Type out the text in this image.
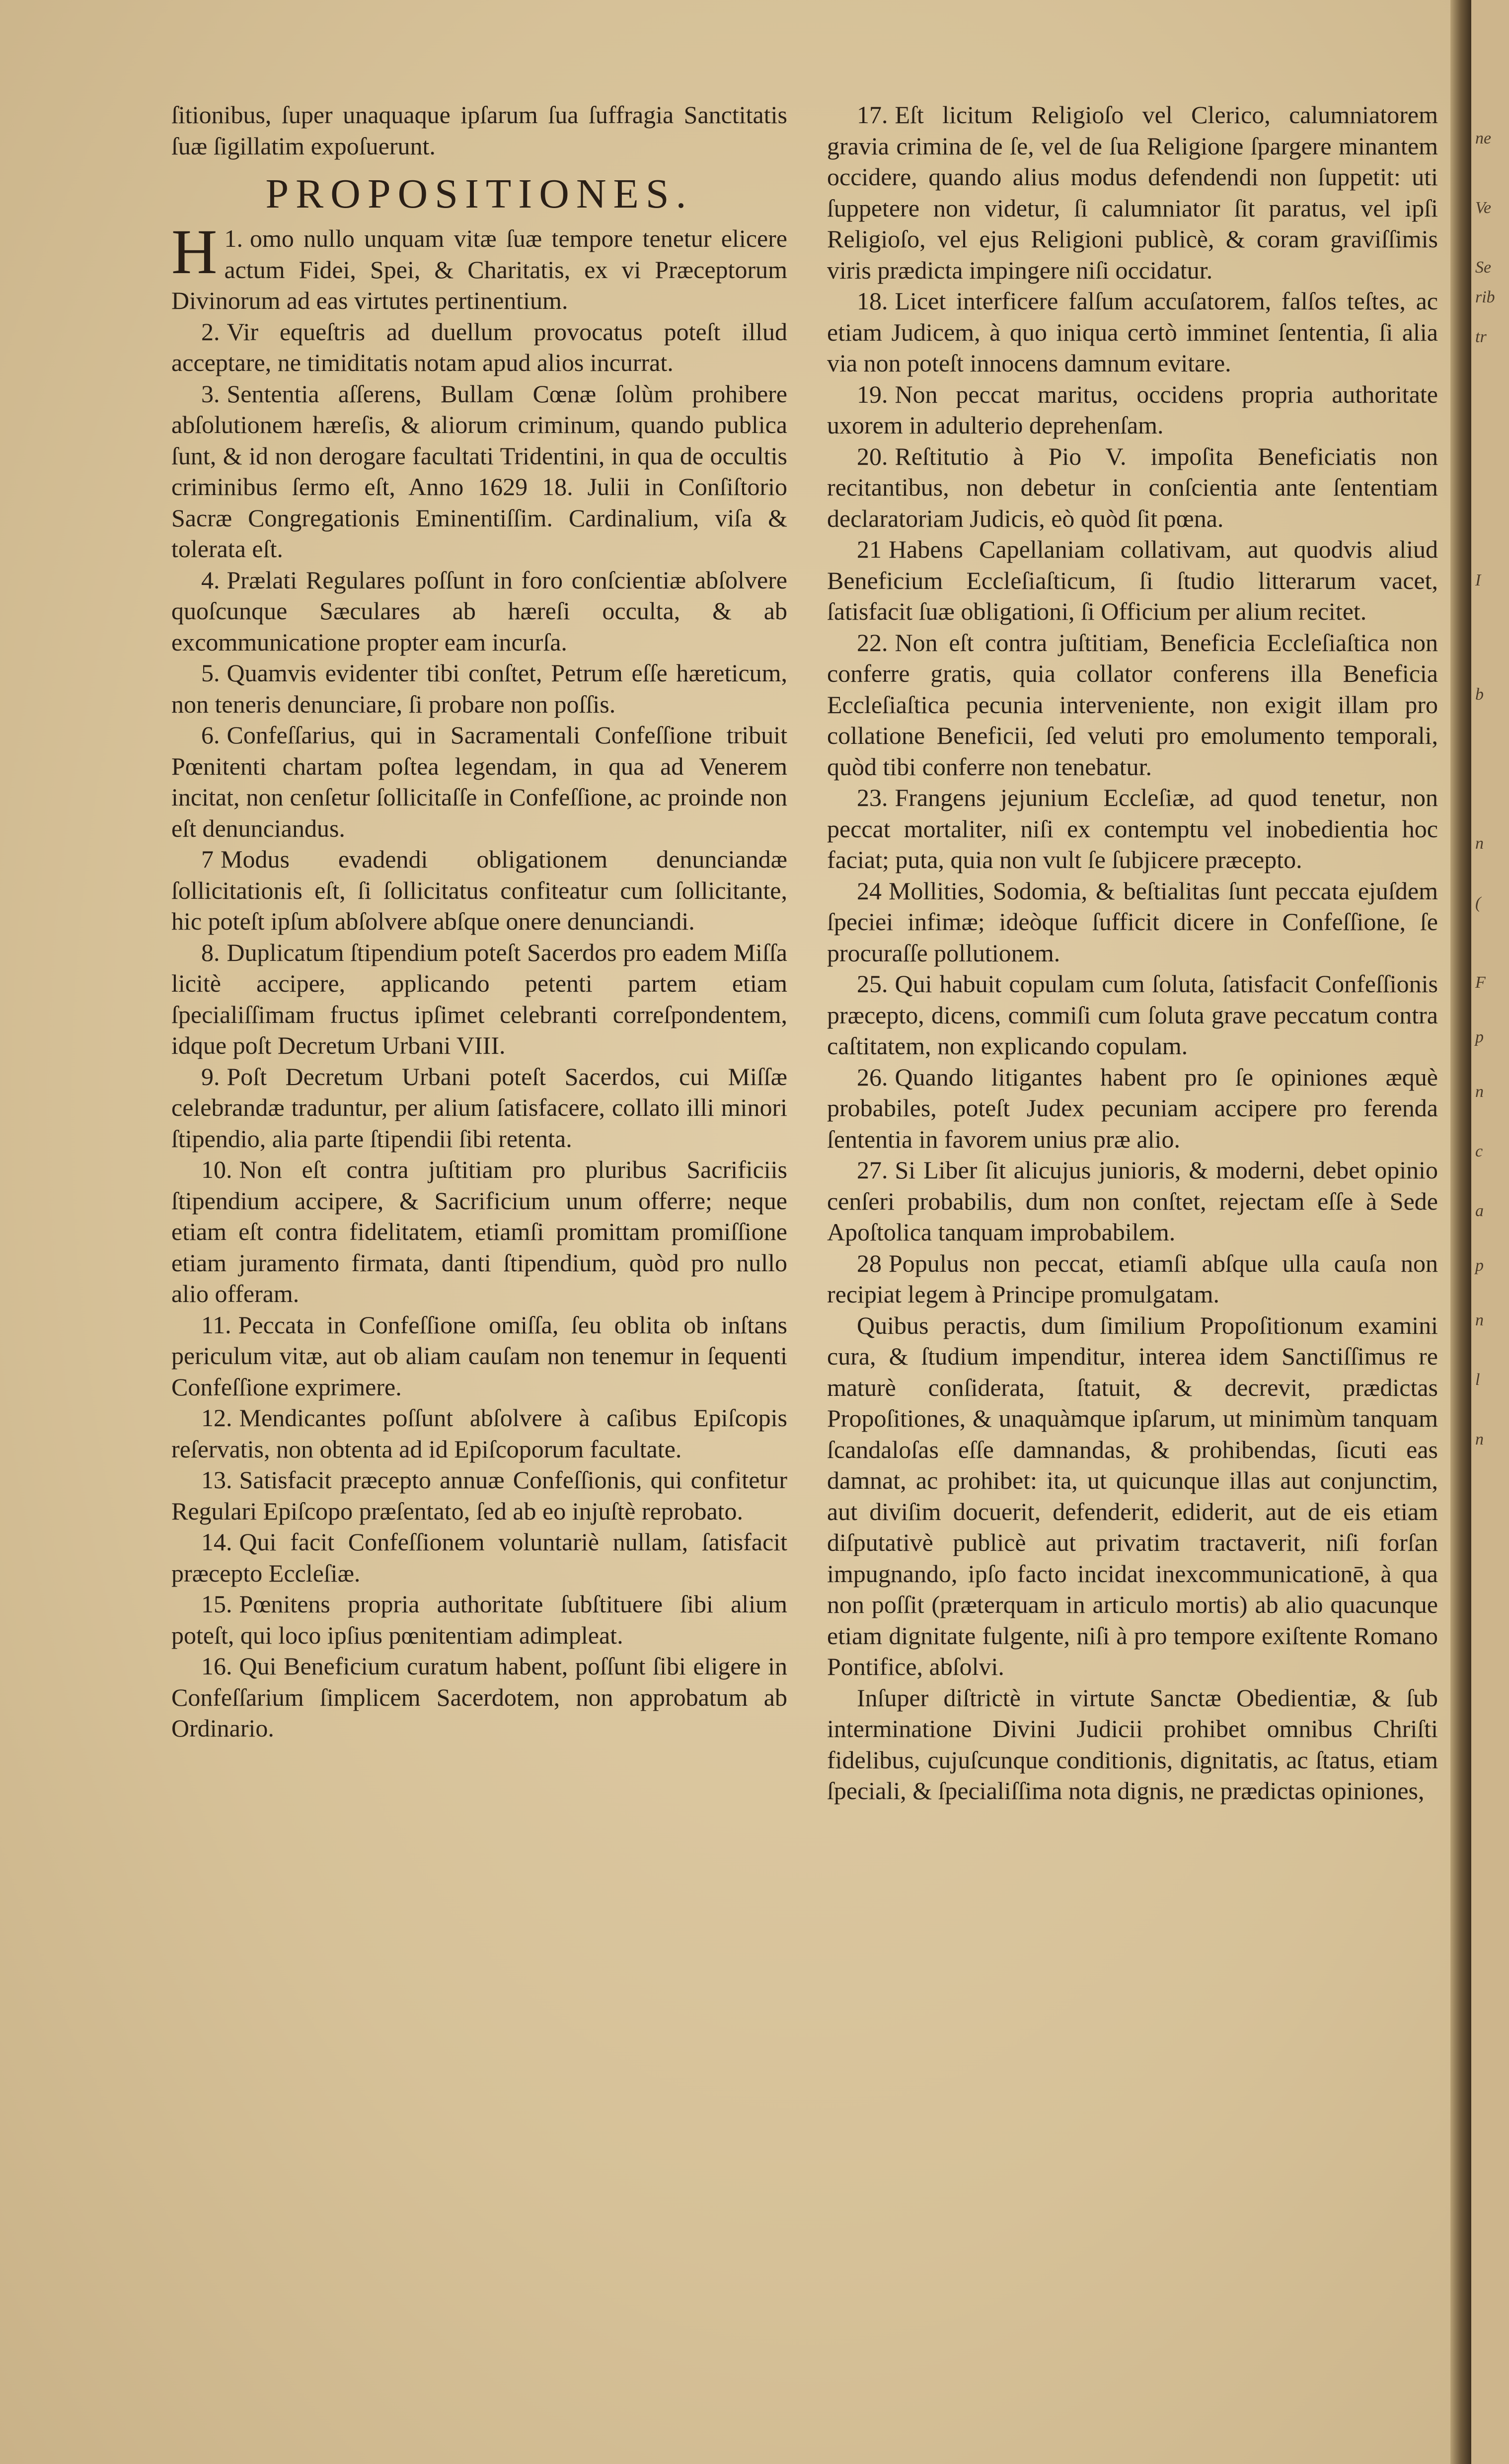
ſitionibus, ſuper unaquaque ipſarum ſua ſuffragia Sanctitatis ſuæ ſigillatim expoſuerunt.

PROPOSITIONES.

1.
H omo nullo unquam vitæ ſuæ tempore tenetur elicere actum Fidei, Spei, & Charitatis, ex vi Præceptorum Divinorum ad eas virtutes pertinentium.

2. Vir equeſtris ad duellum provocatus poteſt illud acceptare, ne timiditatis notam apud alios incurrat.

3. Sententia aſſerens, Bullam Cœnæ ſolùm prohibere abſolutionem hæreſis, & aliorum criminum, quando publica ſunt, & id non derogare facultati Tridentini, in qua de occultis criminibus ſermo eſt, Anno 1629 18. Julii in Conſiſtorio Sacræ Congregationis Eminentiſſim. Cardinalium, viſa & tolerata eſt.

4. Prælati Regulares poſſunt in foro conſcientiæ abſolvere quoſcunque Sæculares ab hæreſi occulta, & ab excommunicatione propter eam incurſa.

5. Quamvis evidenter tibi conſtet, Petrum eſſe hæreticum, non teneris denunciare, ſi probare non poſſis.

6. Confeſſarius, qui in Sacramentali Confeſſione tribuit Pœnitenti chartam poſtea legendam, in qua ad Venerem incitat, non cenſetur ſollicitaſſe in Confeſſione, ac proinde non eſt denunciandus.

7 Modus evadendi obligationem denunciandæ ſollicitationis eſt, ſi ſollicitatus confiteatur cum ſollicitante, hic poteſt ipſum abſolvere abſque onere denunciandi.

8. Duplicatum ſtipendium poteſt Sacerdos pro eadem Miſſa licitè accipere, applicando petenti partem etiam ſpecialiſſimam fructus ipſimet celebranti correſpondentem, idque poſt Decretum Urbani VIII.

9. Poſt Decretum Urbani poteſt Sacerdos, cui Miſſæ celebrandæ traduntur, per alium ſatisfacere, collato illi minori ſtipendio, alia parte ſtipendii ſibi retenta.

10. Non eſt contra juſtitiam pro pluribus Sacrificiis ſtipendium accipere, & Sacrificium unum offerre; neque etiam eſt contra fidelitatem, etiamſi promittam promiſſione etiam juramento firmata, danti ſtipendium, quòd pro nullo alio offeram.

11. Peccata in Confeſſione omiſſa, ſeu oblita ob inſtans periculum vitæ, aut ob aliam cauſam non tenemur in ſequenti Confeſſione exprimere.

12. Mendicantes poſſunt abſolvere à caſibus Epiſcopis reſervatis, non obtenta ad id Epiſcoporum facultate.

13. Satisfacit præcepto annuæ Confeſſionis, qui confitetur Regulari Epiſcopo præſentato, ſed ab eo injuſtè reprobato.

14. Qui facit Confeſſionem voluntariè nullam, ſatisfacit præcepto Eccleſiæ.

15. Pœnitens propria authoritate ſubſtituere ſibi alium poteſt, qui loco ipſius pœnitentiam adimpleat.

16. Qui Beneficium curatum habent, poſſunt ſibi eligere in Confeſſarium ſimplicem Sacerdotem, non approbatum ab Ordinario.

17. Eſt licitum Religioſo vel Clerico, calumniatorem gravia crimina de ſe, vel de ſua Religione ſpargere minantem occidere, quando alius modus defendendi non ſuppetit: uti ſuppetere non videtur, ſi calumniator ſit paratus, vel ipſi Religioſo, vel ejus Religioni publicè, & coram graviſſimis viris prædicta impingere niſi occidatur.

18. Licet interficere falſum accuſatorem, falſos teſtes, ac etiam Judicem, à quo iniqua certò imminet ſententia, ſi alia via non poteſt innocens damnum evitare.

19. Non peccat maritus, occidens propria authoritate uxorem in adulterio deprehenſam.

20. Reſtitutio à Pio V. impoſita Beneficiatis non recitantibus, non debetur in conſcientia ante ſententiam declaratoriam Judicis, eò quòd ſit pœna.

21 Habens Capellaniam collativam, aut quodvis aliud Beneficium Eccleſiaſticum, ſi ſtudio litterarum vacet, ſatisfacit ſuæ obligationi, ſi Officium per alium recitet.

22. Non eſt contra juſtitiam, Beneficia Eccleſiaſtica non conferre gratis, quia collator conferens illa Beneficia Eccleſiaſtica pecunia interveniente, non exigit illam pro collatione Beneficii, ſed veluti pro emolumento temporali, quòd tibi conferre non tenebatur.

23. Frangens jejunium Eccleſiæ, ad quod tenetur, non peccat mortaliter, niſi ex contemptu vel inobedientia hoc faciat; puta, quia non vult ſe ſubjicere præcepto.

24 Mollities, Sodomia, & beſtialitas ſunt peccata ejuſdem ſpeciei infimæ; ideòque ſufficit dicere in Confeſſione, ſe procuraſſe pollutionem.

25. Qui habuit copulam cum ſoluta, ſatisfacit Confeſſionis præcepto, dicens, commiſi cum ſoluta grave peccatum contra caſtitatem, non explicando copulam.

26. Quando litigantes habent pro ſe opiniones æquè probabiles, poteſt Judex pecuniam accipere pro ferenda ſententia in favorem unius præ alio.

27. Si Liber ſit alicujus junioris, & moderni, debet opinio cenſeri probabilis, dum non conſtet, rejectam eſſe à Sede Apoſtolica tanquam improbabilem.

28 Populus non peccat, etiamſi abſque ulla cauſa non recipiat legem à Principe promulgatam.

Quibus peractis, dum ſimilium Propoſitionum examini cura, & ſtudium impenditur, interea idem Sanctiſſimus re maturè conſiderata, ſtatuit, & decrevit, prædictas Propoſitiones, & unaquàmque ipſarum, ut minimùm tanquam ſcandaloſas eſſe damnandas, & prohibendas, ſicuti eas damnat, ac prohibet: ita, ut quicunque illas aut conjunctim, aut diviſim docuerit, defenderit, ediderit, aut de eis etiam diſputativè publicè aut privatim tractaverit, niſi forſan impugnando, ipſo facto incidat inexcommunicationē, à qua non poſſit (præterquam in articulo mortis) ab alio quacunque etiam dignitate fulgente, niſi à pro tempore exiſtente Romano Pontifice, abſolvi.

Inſuper diſtrictè in virtute Sanctæ Obedientiæ, & ſub interminatione Divini Judicii prohibet omnibus Chriſti fidelibus, cujuſcunque conditionis, dignitatis, ac ſtatus, etiam ſpeciali, & ſpecialiſſima nota dignis, ne prædictas opiniones,

ne
Ve
Se
rib
tr
I
b
n
(
F
p
n
c
a
p
n
l
n
